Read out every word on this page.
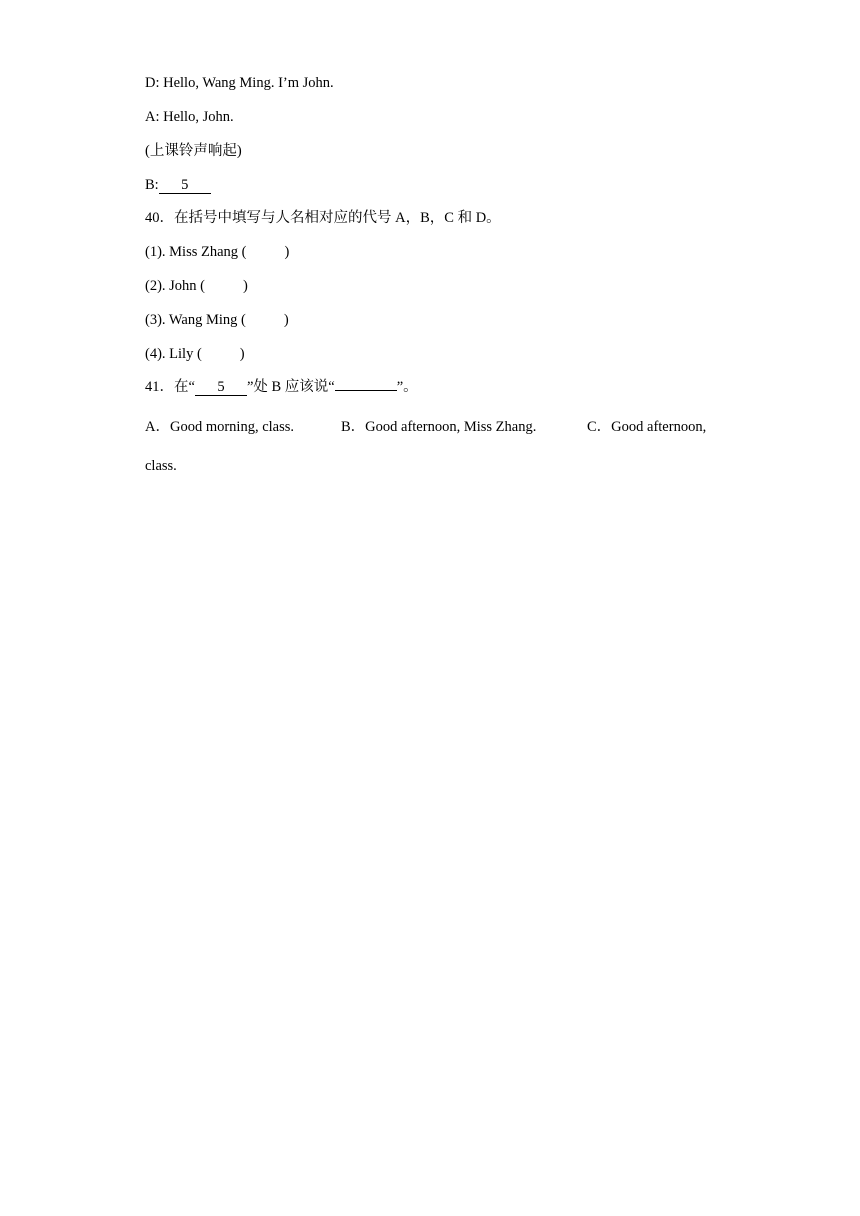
D: Hello, Wang Ming. I’m John.
A: Hello, John.
(上课铃声响起)
B: 5
40．在括号中填写与人名相对应的代号 A，B，C 和 D。
(1). Miss Zhang (	)
(2). John (	)
(3). Wang Ming (	)
(4). Lily (	)
41．在“ 5 ”处 B 应该说“	”。
A．Good morning, class.	B．Good afternoon, Miss Zhang.	C．Good afternoon,
class.
